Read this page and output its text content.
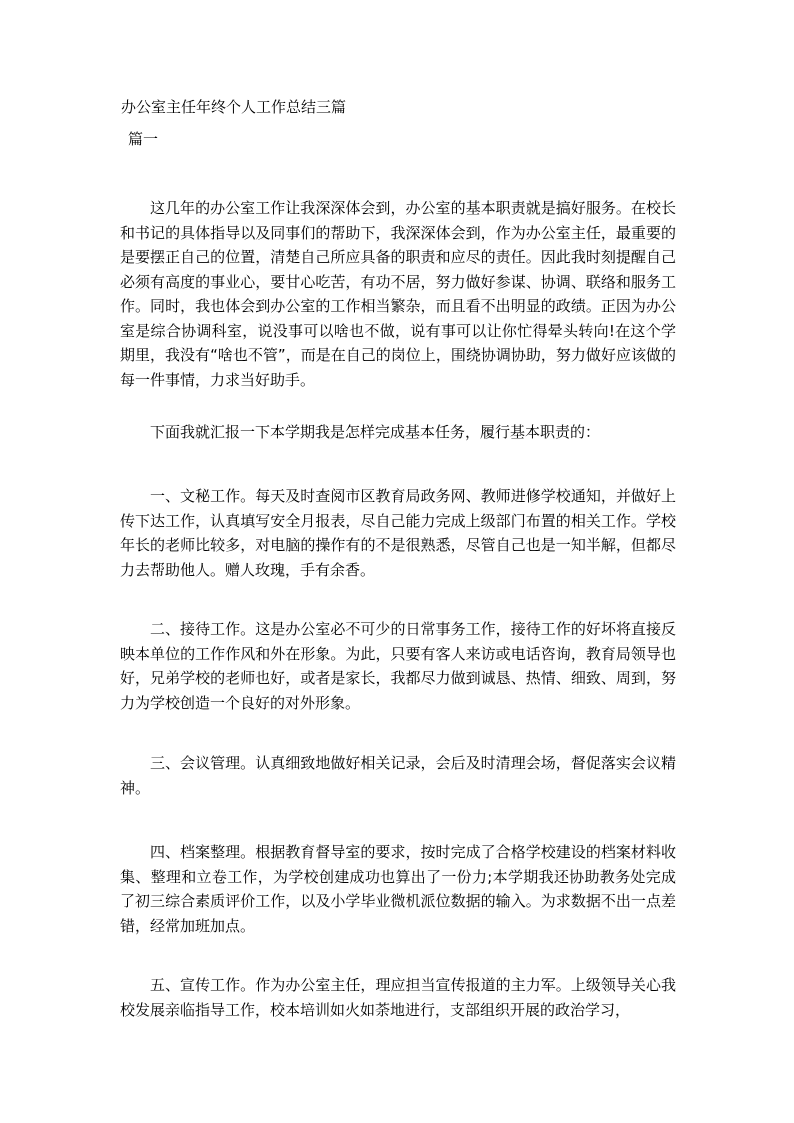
办公室主任年终个人工作总结三篇
篇一

这几年的办公室工作让我深深体会到，办公室的基本职责就是搞好服务。在校长和书记的具体指导以及同事们的帮助下，我深深体会到，作为办公室主任，最重要的是要摆正自己的位置，清楚自己所应具备的职责和应尽的责任。因此我时刻提醒自己必须有高度的事业心，要甘心吃苦，有功不居，努力做好参谋、协调、联络和服务工作。同时，我也体会到办公室的工作相当繁杂，而且看不出明显的政绩。正因为办公室是综合协调科室，说没事可以啥也不做，说有事可以让你忙得晕头转向!在这个学期里，我没有“啥也不管”，而是在自己的岗位上，围绕协调协助，努力做好应该做的每一件事情，力求当好助手。

下面我就汇报一下本学期我是怎样完成基本任务，履行基本职责的：

一、文秘工作。每天及时查阅市区教育局政务网、教师进修学校通知，并做好上传下达工作，认真填写安全月报表，尽自己能力完成上级部门布置的相关工作。学校年长的老师比较多，对电脑的操作有的不是很熟悉，尽管自己也是一知半解，但都尽力去帮助他人。赠人玫瑰，手有余香。

二、接待工作。这是办公室必不可少的日常事务工作，接待工作的好坏将直接反映本单位的工作作风和外在形象。为此，只要有客人来访或电话咨询，教育局领导也好，兄弟学校的老师也好，或者是家长，我都尽力做到诚恳、热情、细致、周到，努力为学校创造一个良好的对外形象。

三、会议管理。认真细致地做好相关记录，会后及时清理会场，督促落实会议精神。

四、档案整理。根据教育督导室的要求，按时完成了合格学校建设的档案材料收集、整理和立卷工作，为学校创建成功也算出了一份力;本学期我还协助教务处完成了初三综合素质评价工作，以及小学毕业微机派位数据的输入。为求数据不出一点差错，经常加班加点。

五、宣传工作。作为办公室主任，理应担当宣传报道的主力军。上级领导关心我校发展亲临指导工作，校本培训如火如荼地进行，支部组织开展的政治学习，
